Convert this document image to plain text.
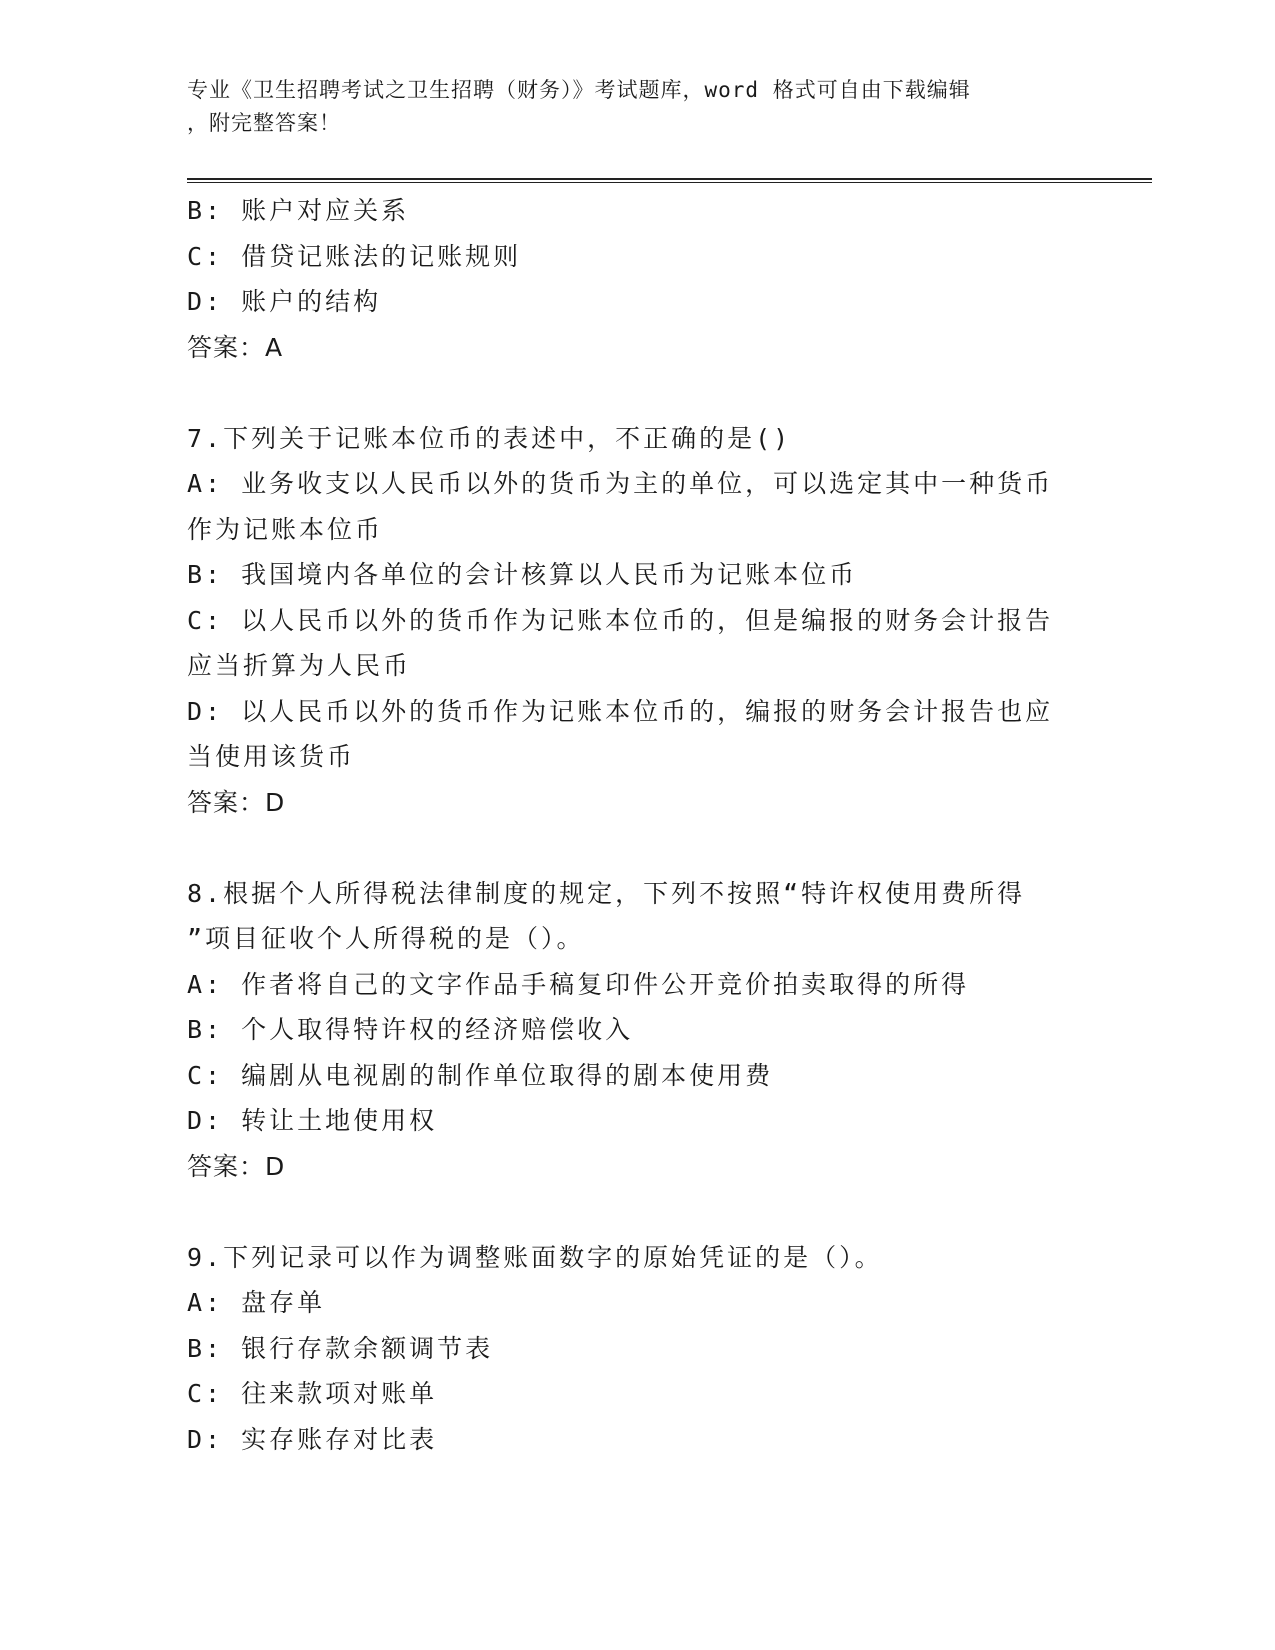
专业《卫生招聘考试之卫生招聘（财务）》考试题库，word 格式可自由下载编辑
，附完整答案！
B: 账户对应关系
C: 借贷记账法的记账规则
D: 账户的结构
答案：A
7.下列关于记账本位币的表述中，不正确的是()
A: 业务收支以人民币以外的货币为主的单位，可以选定其中一种货币
作为记账本位币
B: 我国境内各单位的会计核算以人民币为记账本位币
C: 以人民币以外的货币作为记账本位币的，但是编报的财务会计报告
应当折算为人民币
D: 以人民币以外的货币作为记账本位币的，编报的财务会计报告也应
当使用该货币
答案：D
8.根据个人所得税法律制度的规定，下列不按照“特许权使用费所得
”项目征收个人所得税的是（）。
A: 作者将自己的文字作品手稿复印件公开竞价拍卖取得的所得
B: 个人取得特许权的经济赔偿收入
C: 编剧从电视剧的制作单位取得的剧本使用费
D: 转让土地使用权
答案：D
9.下列记录可以作为调整账面数字的原始凭证的是（）。
A: 盘存单
B: 银行存款余额调节表
C: 往来款项对账单
D: 实存账存对比表
